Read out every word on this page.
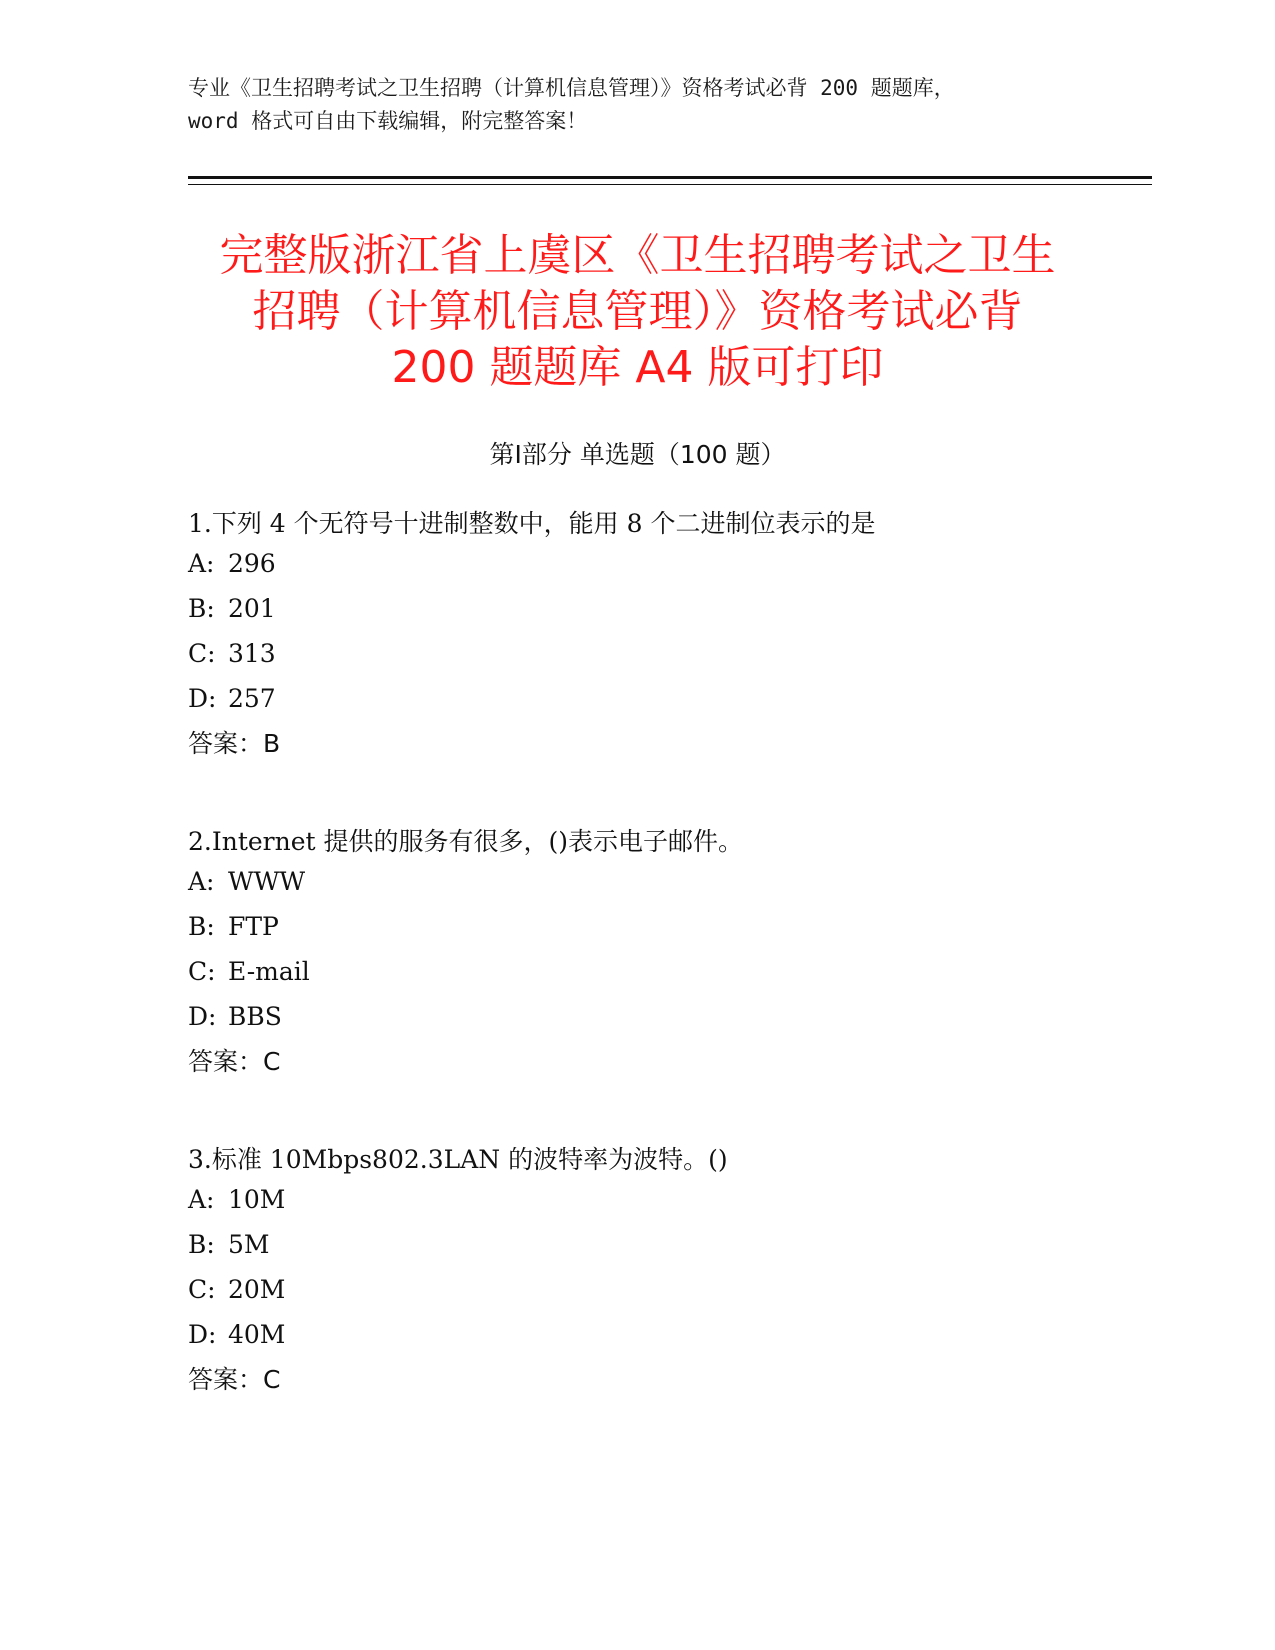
专业《卫生招聘考试之卫生招聘（计算机信息管理）》资格考试必背 200 题题库，
word 格式可自由下载编辑，附完整答案！
完整版浙江省上虞区《卫生招聘考试之卫生
招聘（计算机信息管理）》资格考试必背
200 题题库 A4 版可打印
第Ⅰ部分 单选题（100 题）
1.下列 4 个无符号十进制整数中，能用 8 个二进制位表示的是
A: 296
B: 201
C: 313
D: 257
答案：B
2.Internet 提供的服务有很多，()表示电子邮件。
A: WWW
B: FTP
C: E-mail
D: BBS
答案：C
3.标准 10Mbps802.3LAN 的波特率为波特。()
A: 10M
B: 5M
C: 20M
D: 40M
答案：C
